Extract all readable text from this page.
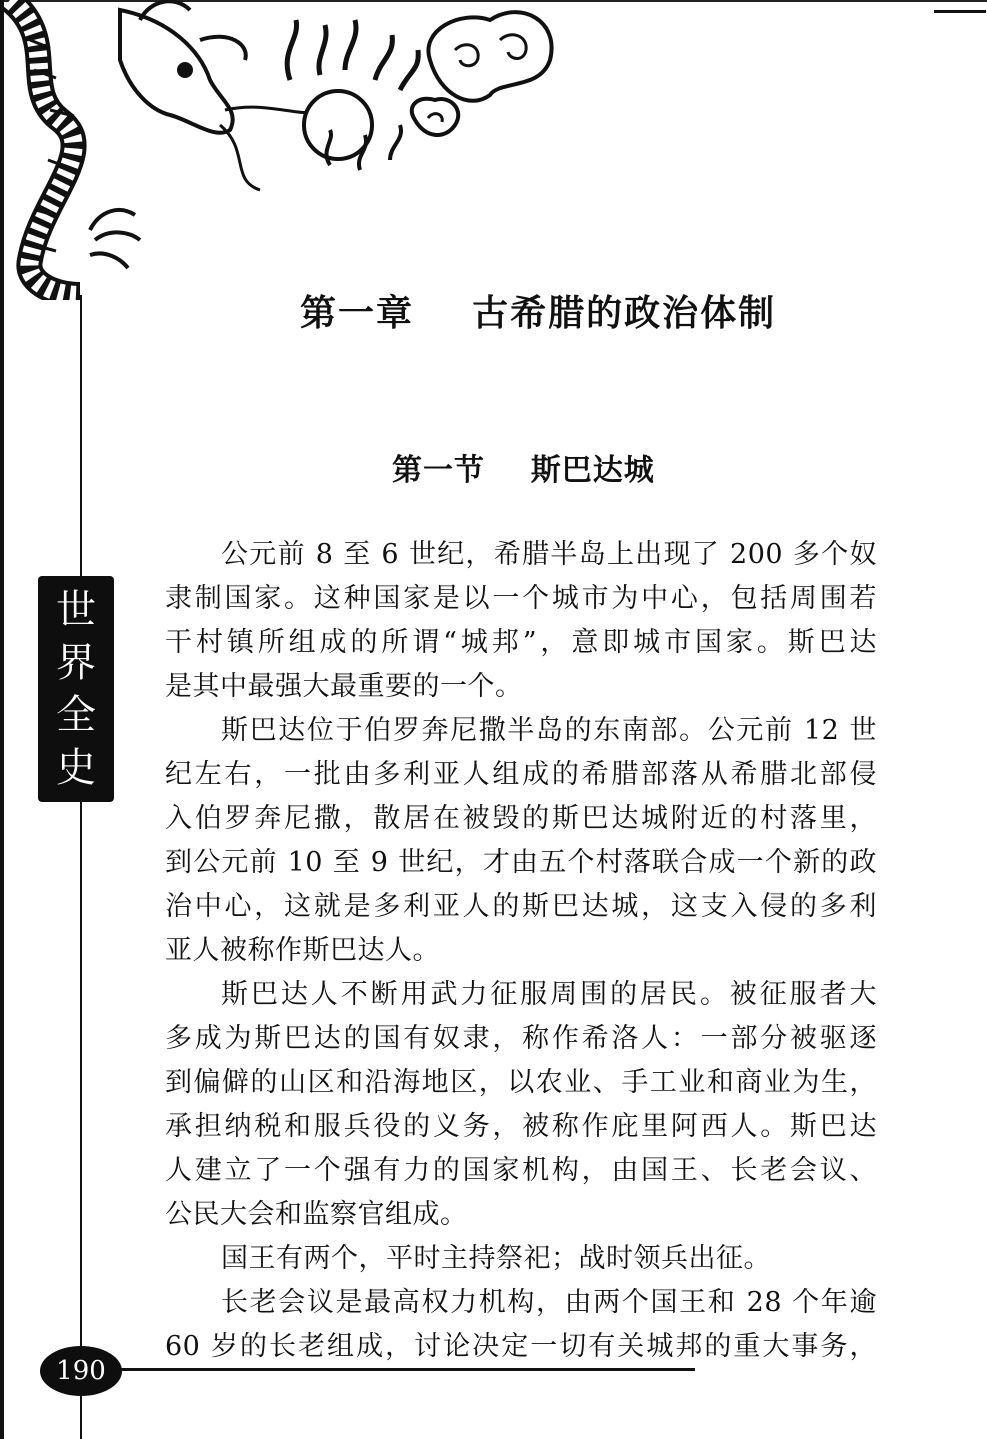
第一章    古希腊的政治体制
第一节    斯巴达城
世
界
全
史
公元前 8 至 6 世纪，希腊半岛上出现了 200 多个奴
隶制国家。这种国家是以一个城市为中心，包括周围若
干村镇所组成的所谓“城邦”，意即城市国家。斯巴达
是其中最强大最重要的一个。
斯巴达位于伯罗奔尼撒半岛的东南部。公元前 12 世
纪左右，一批由多利亚人组成的希腊部落从希腊北部侵
入伯罗奔尼撒，散居在被毁的斯巴达城附近的村落里，
到公元前 10 至 9 世纪，才由五个村落联合成一个新的政
治中心，这就是多利亚人的斯巴达城，这支入侵的多利
亚人被称作斯巴达人。
斯巴达人不断用武力征服周围的居民。被征服者大
多成为斯巴达的国有奴隶，称作希洛人：一部分被驱逐
到偏僻的山区和沿海地区，以农业、手工业和商业为生，
承担纳税和服兵役的义务，被称作庇里阿西人。斯巴达
人建立了一个强有力的国家机构，由国王、长老会议、
公民大会和监察官组成。
国王有两个，平时主持祭祀；战时领兵出征。
长老会议是最高权力机构，由两个国王和 28 个年逾
60 岁的长老组成，讨论决定一切有关城邦的重大事务，
190
